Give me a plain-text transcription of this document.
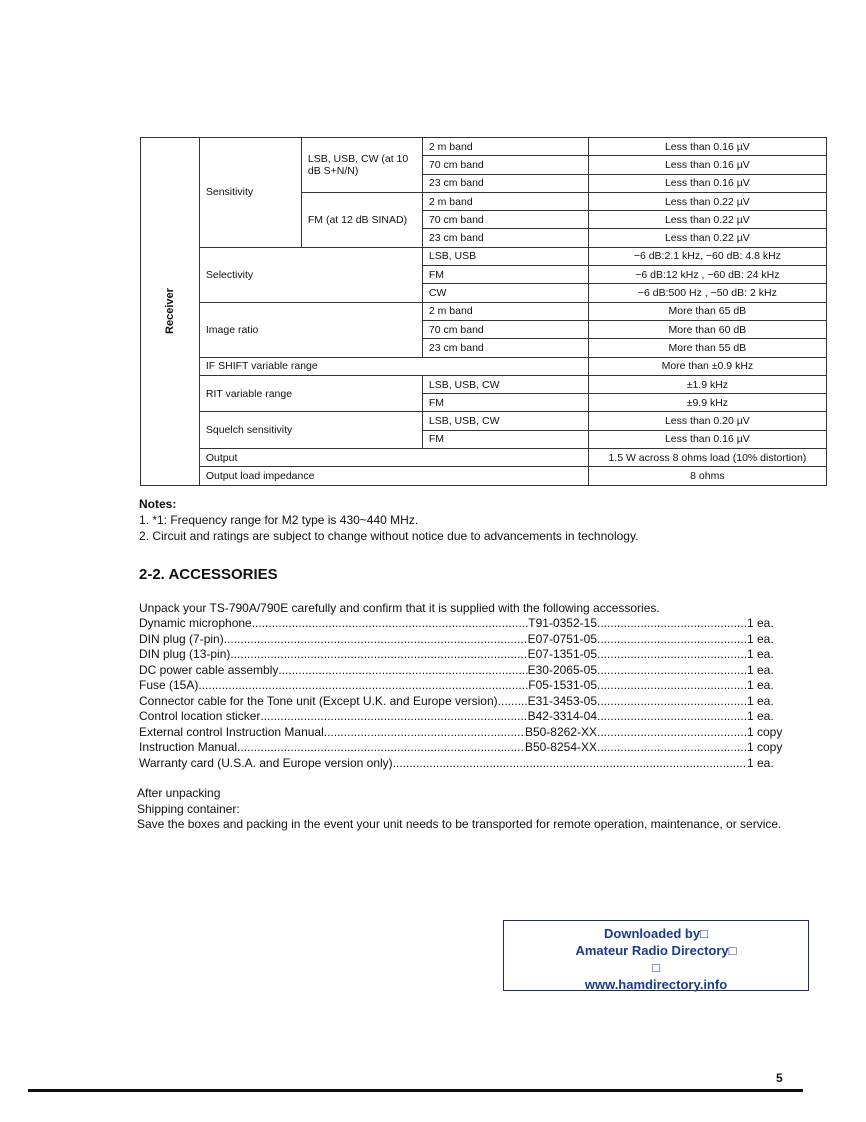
Receiver	Sensitivity	LSB, USB, CW (at 10 dB S+N/N)	2 m band	Less than 0.16 µV
			70 cm band	Less than 0.16 µV
			23 cm band	Less than 0.16 µV
		FM (at 12 dB SINAD)	2 m band	Less than 0.22 µV
			70 cm band	Less than 0.22 µV
			23 cm band	Less than 0.22 µV
	Selectivity		LSB, USB	−6 dB:2.1 kHz, −60 dB: 4.8 kHz
			FM	−6 dB:12 kHz , −60 dB: 24 kHz
			CW	−6 dB:500 Hz , −50 dB: 2 kHz
	Image ratio		2 m band	More than 65 dB
			70 cm band	More than 60 dB
			23 cm band	More than 55 dB
	IF SHIFT variable range			More than ±0.9 kHz
	RIT variable range		LSB, USB, CW	±1.9 kHz
			FM	±9.9 kHz
	Squelch sensitivity		LSB, USB, CW	Less than 0.20 µV
			FM	Less than 0.16 µV
	Output			1.5 W across 8 ohms load (10% distortion)
	Output load impedance			8 ohms
Notes:
1. *1: Frequency range for M2 type is 430~440 MHz.
2. Circuit and ratings are subject to change without notice due to advancements in technology.
2-2. ACCESSORIES
Unpack your TS-790A/790E carefully and confirm that it is supplied with the following accessories.
Dynamic microphone .....	T91-0352-15 .....	1 ea.
DIN plug (7-pin) .....	E07-0751-05 .....	1 ea.
DIN plug (13-pin) .....	E07-1351-05 .....	1 ea.
DC power cable assembly .....	E30-2065-05 .....	1 ea.
Fuse (15A) .....	F05-1531-05 .....	1 ea.
Connector cable for the Tone unit (Except U.K. and Europe version) ..... E31-3453-05 .....	1 ea.
Control location sticker .....	B42-3314-04 .....	1 ea.
External control Instruction Manual .....	B50-8262-XX .....	1 copy
Instruction Manual .....	B50-8254-XX .....	1 copy
Warranty card (U.S.A. and Europe version only) .....	1 ea.
After unpacking
Shipping container:
Save the boxes and packing in the event your unit needs to be transported for remote operation, maintenance, or service.
Downloaded by□
Amateur Radio Directory□
□
www.hamdirectory.info
5
